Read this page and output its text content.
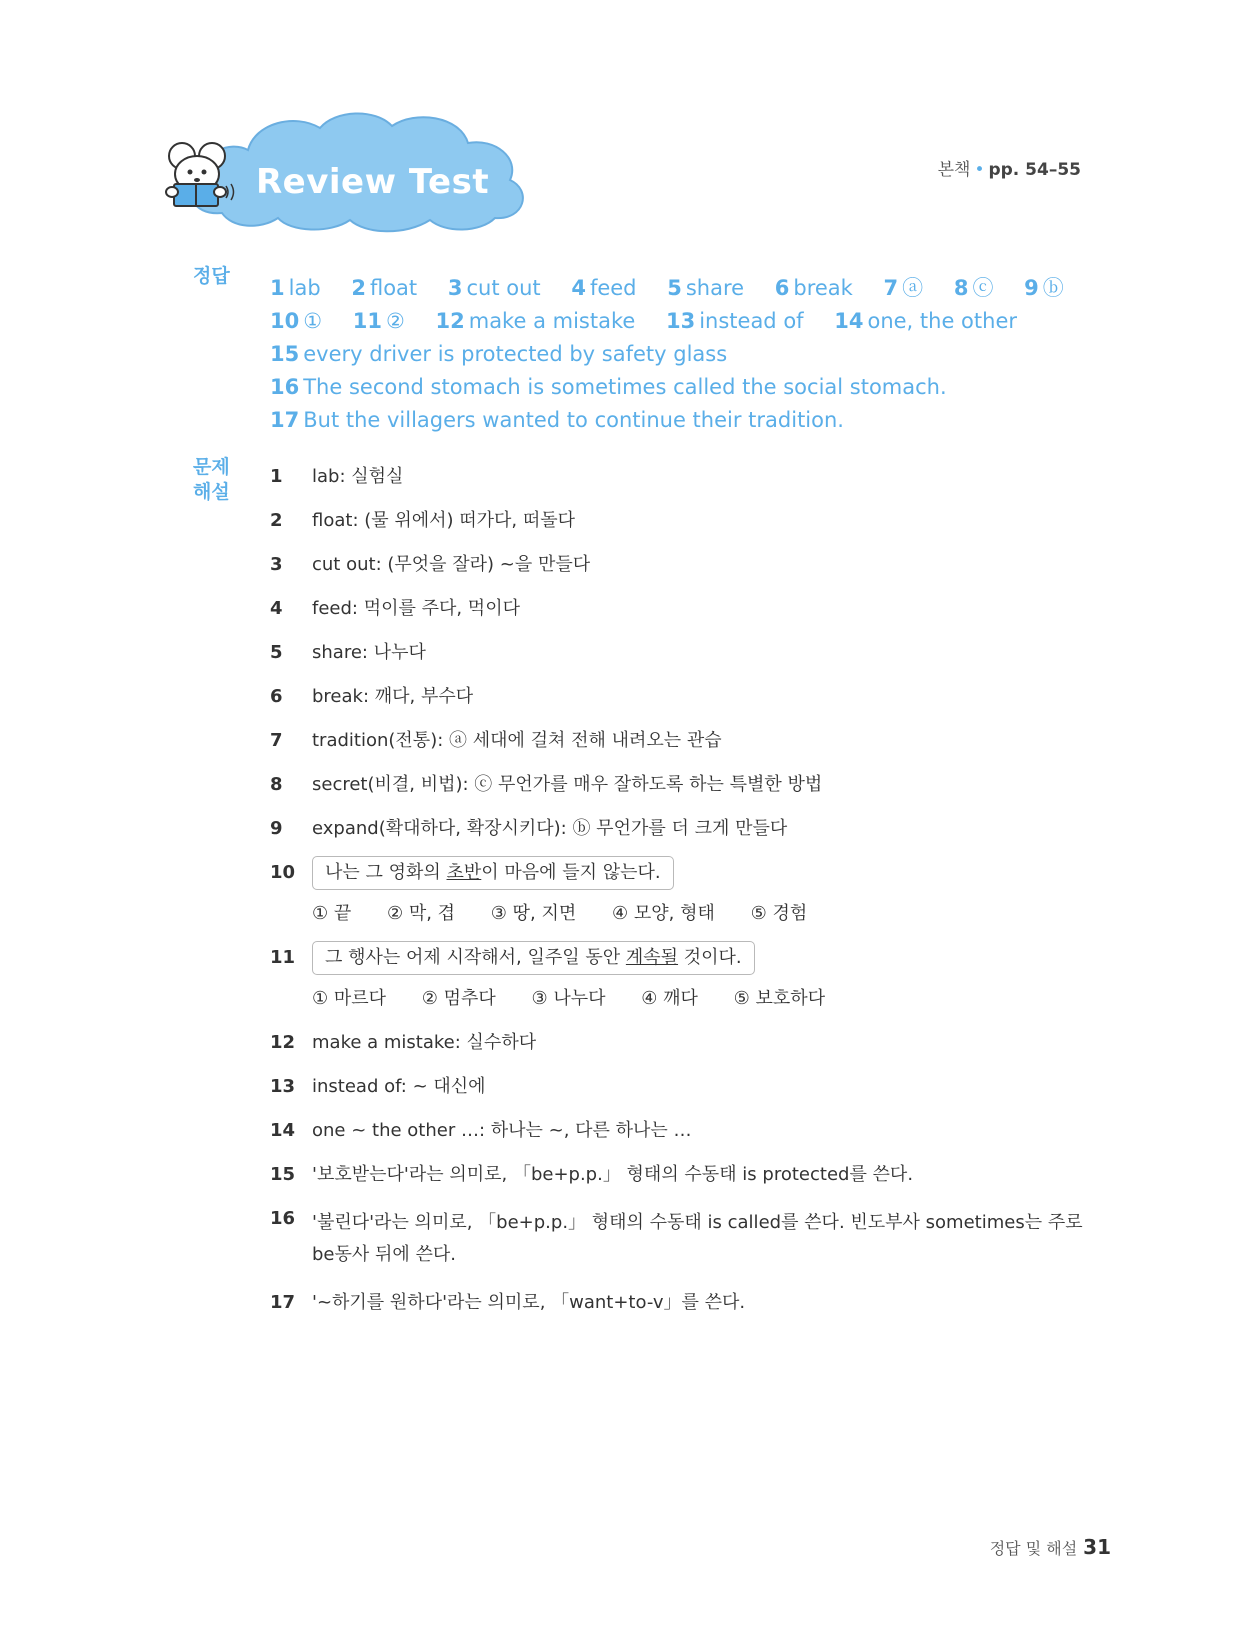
Review Test	본책 • pp. 54–55
정답 1 lab 2 float 3 cut out 4 feed 5 share 6 break 7 ⓐ 8 ⓒ 9 ⓑ
10 ① 11 ② 12 make a mistake 13 instead of 14 one, the other
15 every driver is protected by safety glass
16 The second stomach is sometimes called the social stomach.
17 But the villagers wanted to continue their tradition.
문제
해설
1 lab: 실험실
2 float: (물 위에서) 떠가다, 떠돌다
3 cut out: (무엇을 잘라) ~을 만들다
4 feed: 먹이를 주다, 먹이다
5 share: 나누다
6 break: 깨다, 부수다
7 tradition(전통): ⓐ 세대에 걸쳐 전해 내려오는 관습
8 secret(비결, 비법): ⓒ 무언가를 매우 잘하도록 하는 특별한 방법
9 expand(확대하다, 확장시키다): ⓑ 무언가를 더 크게 만들다
10	나는 그 영화의 초반이 마음에 들지 않는다.
① 끝 ② 막, 겹 ③ 땅, 지면 ④ 모양, 형태 ⑤ 경험
11	그 행사는 어제 시작해서, 일주일 동안 계속될 것이다.
① 마르다 ② 멈추다 ③ 나누다 ④ 깨다 ⑤ 보호하다
12 make a mistake: 실수하다
13 instead of: ~ 대신에
14 one ~ the other …: 하나는 ~, 다른 하나는 …
15 '보호받는다'라는 의미로, 「be+p.p.」 형태의 수동태 is protected를 쓴다.
16 '불린다'라는 의미로, 「be+p.p.」 형태의 수동태 is called를 쓴다. 빈도부사 sometimes는 주로 be동사 뒤에 쓴다.
17 '~하기를 원하다'라는 의미로, 「want+to-v」를 쓴다.
정답 및 해설 31
